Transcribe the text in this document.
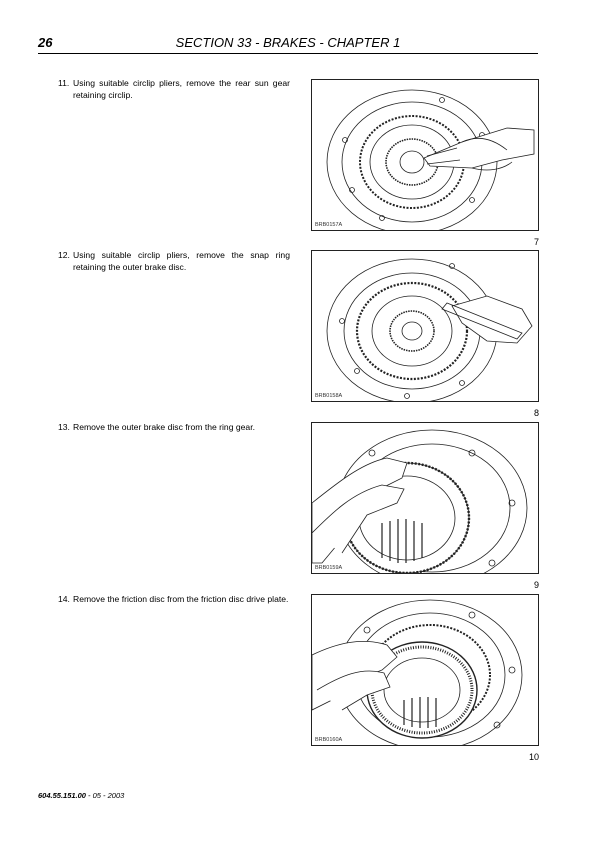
26	SECTION 33 - BRAKES - CHAPTER 1
11. Using suitable circlip pliers, remove the rear sun gear retaining circlip.
12. Using suitable circlip pliers, remove the snap ring retaining the outer brake disc.
13. Remove the outer brake disc from the ring gear.
14. Remove the friction disc from the friction disc drive plate.
BRB0157A
7
BRB0158A
8
BRB0159A
9
BRB0160A
10
604.55.151.00 - 05 - 2003
